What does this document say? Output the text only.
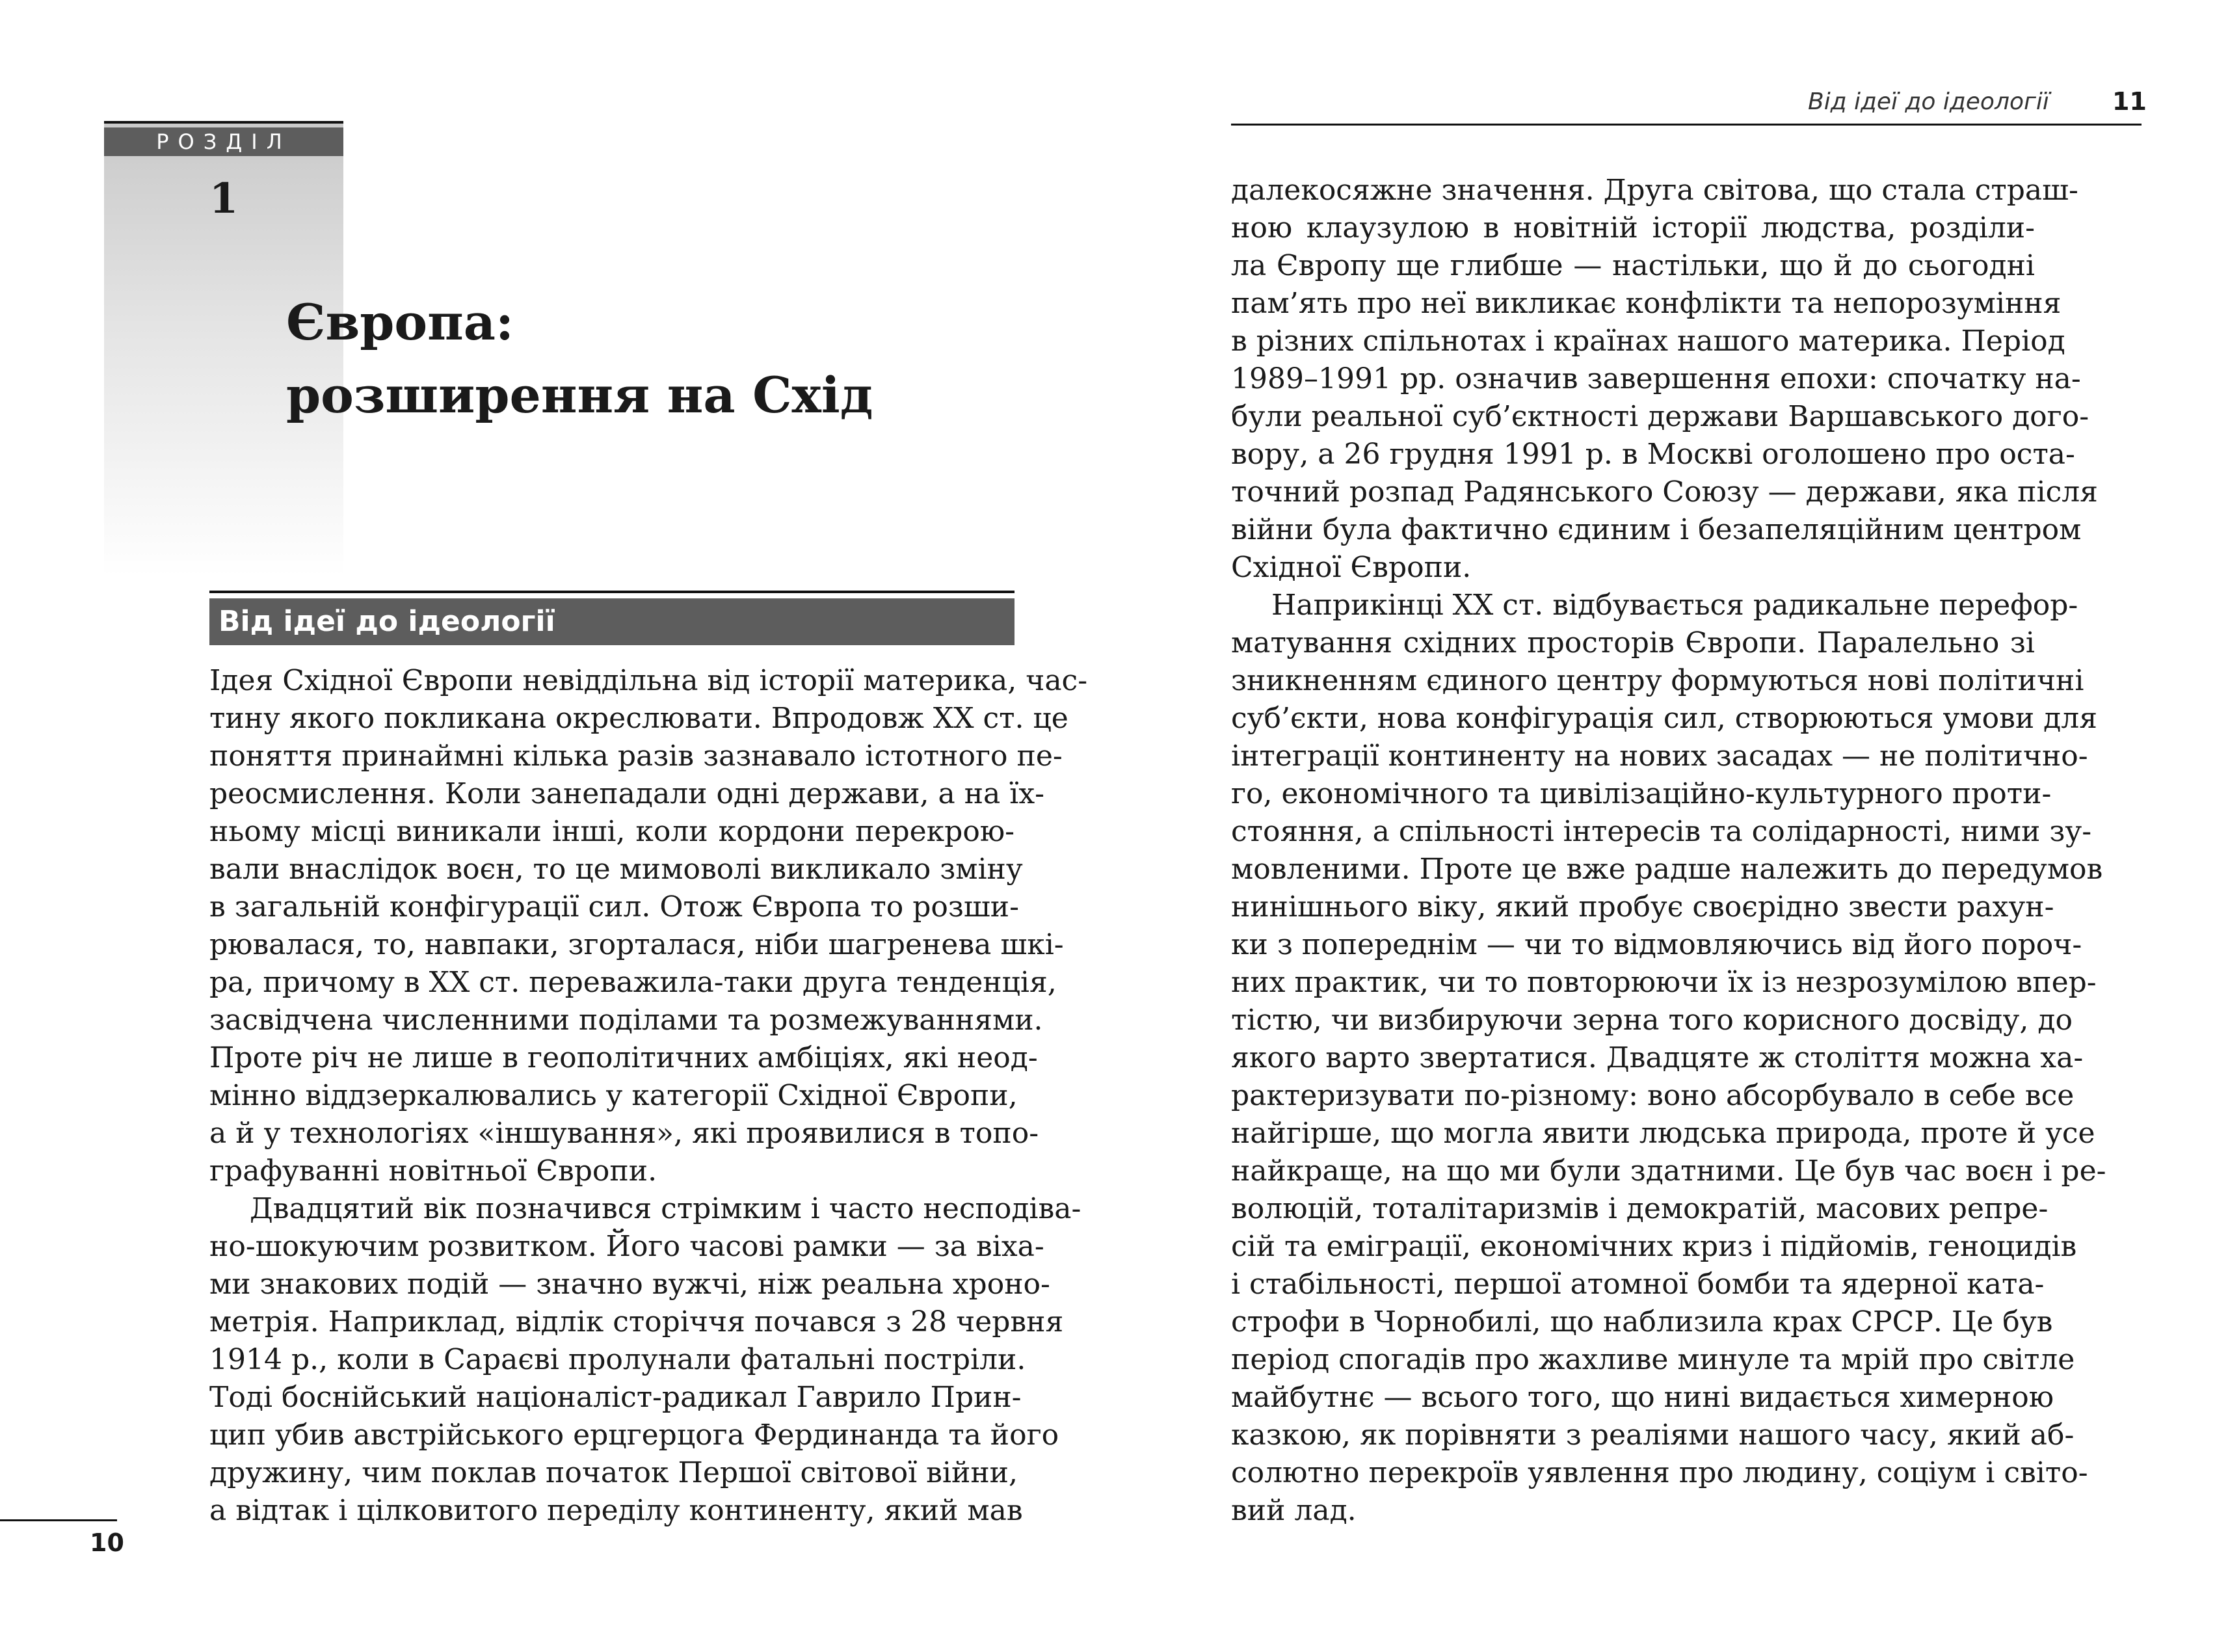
РОЗДІЛ
1
Європа:
розширення на Схід
Від ідеї до ідеології
Ідея Східної Європи невіддільна від історії материка, час-
тину якого покликана окреслювати. Впродовж XX ст. це
поняття принаймні кілька разів зазнавало істотного пе-
реосмислення. Коли занепадали одні держави, а на їх-
ньому місці виникали інші, коли кордони перекрою-
вали внаслідок воєн, то це мимоволі викликало зміну
в загальній конфігурації сил. Отож Європа то розши-
рювалася, то, навпаки, згорталася, ніби шагренева шкі-
ра, причому в XX ст. переважила-таки друга тенденція,
засвідчена численними поділами та розмежуваннями.
Проте річ не лише в геополітичних амбіціях, які неод-
мінно віддзеркалювались у категорії Східної Європи,
а й у технологіях «іншування», які проявилися в топо-
графуванні новітньої Європи.
Двадцятий вік позначився стрімким і часто несподіва-
но-шокуючим розвитком. Його часові рамки — за віха-
ми знакових подій — значно вужчі, ніж реальна хроно-
метрія. Наприклад, відлік сторіччя почався з 28 червня
1914 р., коли в Сараєві пролунали фатальні постріли.
Тоді боснійський націоналіст-радикал Гаврило Прин-
цип убив австрійського ерцгерцога Фердинанда та його
дружину, чим поклав початок Першої світової війни,
а відтак і цілковитого переділу континенту, який мав
10
Від ідеї до ідеології	11
далекосяжне значення. Друга світова, що стала страш-
ною клаузулою в новітній історії людства, розділи-
ла Європу ще глибше — настільки, що й до сьогодні
пам’ять про неї викликає конфлікти та непорозуміння
в різних спільнотах і країнах нашого материка. Період
1989–1991 рр. означив завершення епохи: спочатку на-
були реальної суб’єктності держави Варшавського дого-
вору, а 26 грудня 1991 р. в Москві оголошено про оста-
точний розпад Радянського Союзу — держави, яка після
війни була фактично єдиним і безапеляційним центром
Східної Європи.
Наприкінці XX ст. відбувається радикальне перефор-
матування східних просторів Європи. Паралельно зі
зникненням єдиного центру формуються нові політичні
суб’єкти, нова конфігурація сил, створюються умови для
інтеграції континенту на нових засадах — не політично-
го, економічного та цивілізаційно-культурного проти-
стояння, а спільності інтересів та солідарності, ними зу-
мовленими. Проте це вже радше належить до передумов
нинішнього віку, який пробує своєрідно звести рахун-
ки з попереднім — чи то відмовляючись від його пороч-
них практик, чи то повторюючи їх із незрозумілою впер-
тістю, чи визбируючи зерна того корисного досвіду, до
якого варто звертатися. Двадцяте ж століття можна ха-
рактеризувати по-різному: воно абсорбувало в себе все
найгірше, що могла явити людська природа, проте й усе
найкраще, на що ми були здатними. Це був час воєн і ре-
волюцій, тоталітаризмів і демократій, масових репре-
сій та еміграції, економічних криз і підйомів, геноцидів
і стабільності, першої атомної бомби та ядерної ката-
строфи в Чорнобилі, що наблизила крах СРСР. Це був
період спогадів про жахливе минуле та мрій про світле
майбутнє — всього того, що нині видається химерною
казкою, як порівняти з реаліями нашого часу, який аб-
солютно перекроїв уявлення про людину, соціум і світо-
вий лад.
